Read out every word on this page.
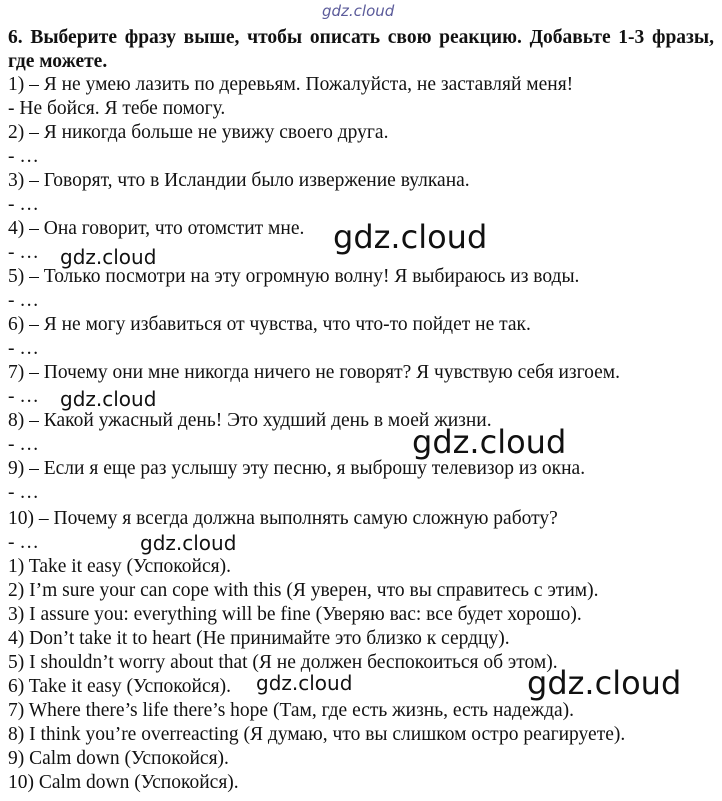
gdz.cloud
6. Выберите фразу выше, чтобы описать свою реакцию. Добавьте 1-3 фразы, где можете.
1) – Я не умею лазить по деревьям. Пожалуйста, не заставляй меня!
- Не бойся. Я тебе помогу.
2) – Я никогда больше не увижу своего друга.
- …
3) – Говорят, что в Исландии было извержение вулкана.
- …
4) – Она говорит, что отомстит мне.
- …
5) – Только посмотри на эту огромную волну! Я выбираюсь из воды.
- …
6) – Я не могу избавиться от чувства, что что-то пойдет не так.
- …
7) – Почему они мне никогда ничего не говорят? Я чувствую себя изгоем.
- …
8) – Какой ужасный день! Это худший день в моей жизни.
- …
9) – Если я еще раз услышу эту песню, я выброшу телевизор из окна.
- …
10) – Почему я всегда должна выполнять самую сложную работу?
- …
1) Take it easy (Успокойся).
2) I’m sure your can cope with this (Я уверен, что вы справитесь с этим).
3) I assure you: everything will be fine (Уверяю вас: все будет хорошо).
4) Don’t take it to heart (Не принимайте это близко к сердцу).
5) I shouldn’t worry about that (Я не должен беспокоиться об этом).
6) Take it easy (Успокойся).
7) Where there’s life there’s hope (Там, где есть жизнь, есть надежда).
8) I think you’re overreacting (Я думаю, что вы слишком остро реагируете).
9) Calm down (Успокойся).
10) Calm down (Успокойся).
gdz.cloud
gdz.cloud
gdz.cloud
gdz.cloud
gdz.cloud
gdz.cloud	gdz.cloud
